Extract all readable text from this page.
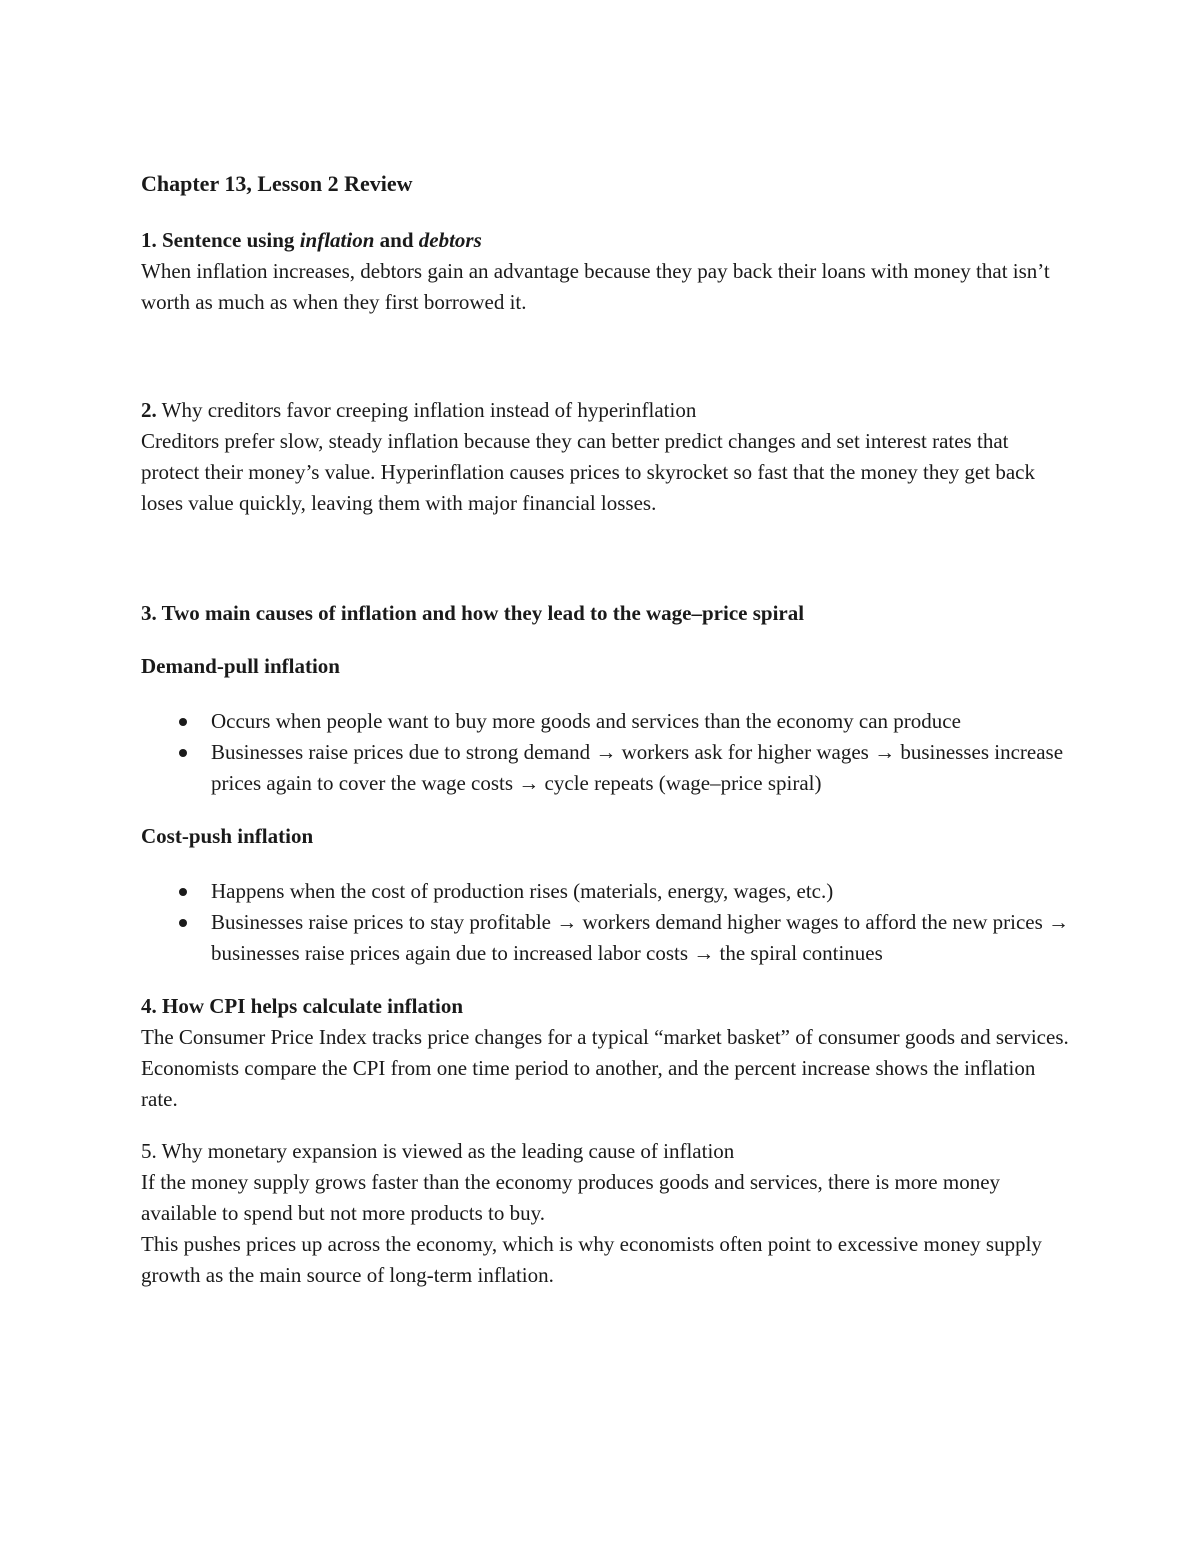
Chapter 13, Lesson 2 Review
1. Sentence using inflation and debtors
When inflation increases, debtors gain an advantage because they pay back their loans with money that isn’t worth as much as when they first borrowed it.
2. Why creditors favor creeping inflation instead of hyperinflation
Creditors prefer slow, steady inflation because they can better predict changes and set interest rates that protect their money’s value. Hyperinflation causes prices to skyrocket so fast that the money they get back loses value quickly, leaving them with major financial losses.
3. Two main causes of inflation and how they lead to the wage–price spiral
Demand-pull inflation
Occurs when people want to buy more goods and services than the economy can produce
Businesses raise prices due to strong demand → workers ask for higher wages → businesses increase prices again to cover the wage costs → cycle repeats (wage–price spiral)
Cost-push inflation
Happens when the cost of production rises (materials, energy, wages, etc.)
Businesses raise prices to stay profitable → workers demand higher wages to afford the new prices → businesses raise prices again due to increased labor costs → the spiral continues
4. How CPI helps calculate inflation
The Consumer Price Index tracks price changes for a typical “market basket” of consumer goods and services.
Economists compare the CPI from one time period to another, and the percent increase shows the inflation rate.
5. Why monetary expansion is viewed as the leading cause of inflation
If the money supply grows faster than the economy produces goods and services, there is more money available to spend but not more products to buy.
This pushes prices up across the economy, which is why economists often point to excessive money supply growth as the main source of long-term inflation.
